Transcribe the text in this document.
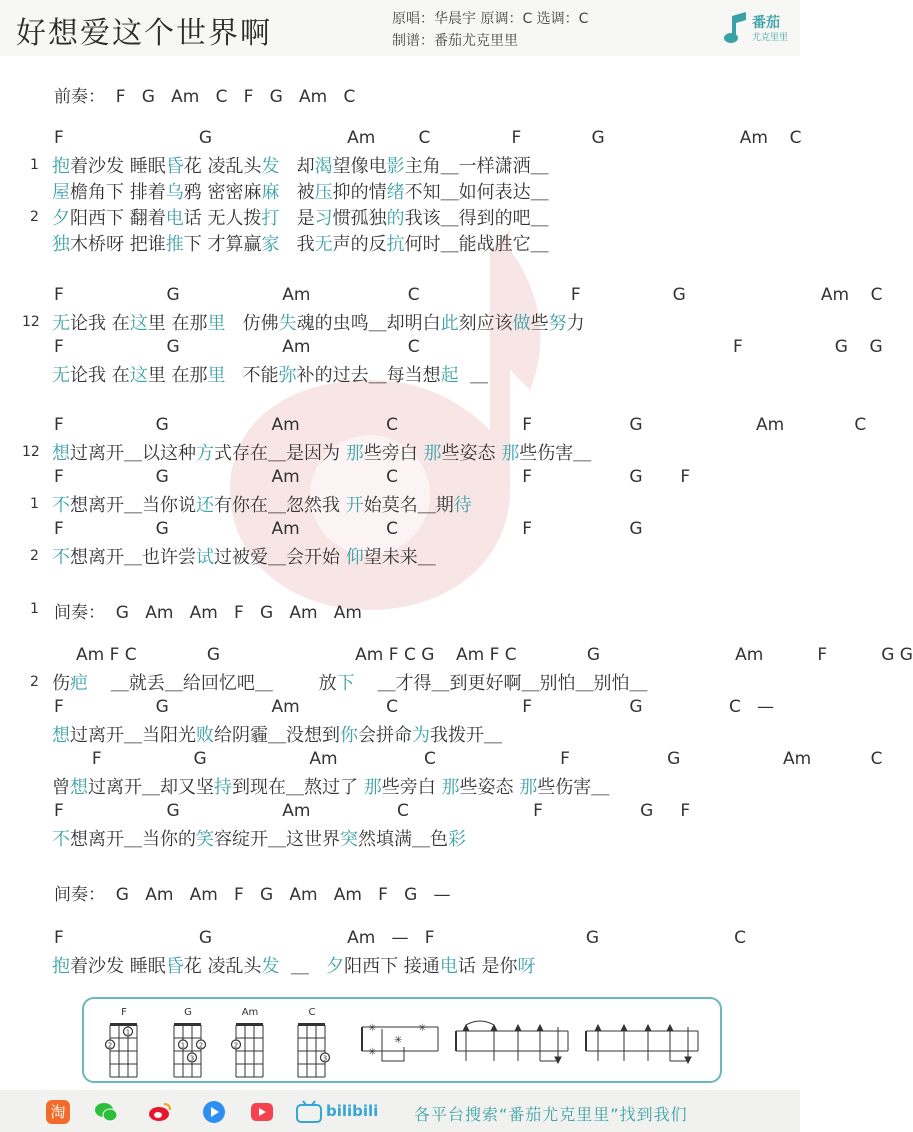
好想爱这个世界啊	原唱：华晨宇 原调：C 选调：C
制谱：番茄尤克里里
番茄
尤克里里
前奏：  F   G   Am   C   F   G   Am   C
F                         G                         Am        C               F             G                         Am    C
1 抱着沙发 睡眠昏花 凌乱头发   却渴望像电影主角＿一样潇洒＿
屋檐角下 排着乌鸦 密密麻麻   被压抑的情绪不知＿如何表达＿
2 夕阳西下 翻着电话 无人拨打   是习惯孤独的我该＿得到的吧＿
独木桥呀 把谁推下 才算赢家   我无声的反抗何时＿能战胜它＿
F                   G                   Am                  C                            F                 G                         Am    C
12 无论我 在这里 在那里   仿佛失魂的虫鸣＿却明白此刻应该做些努力
F                   G                   Am                  C                                                          F                 G    G
无论我 在这里 在那里   不能弥补的过去＿每当想起  ＿
F                 G                   Am                C                       F                  G                     Am             C
12 想过离开＿以这种方式存在＿是因为 那些旁白 那些姿态 那些伤害＿
F                 G                   Am                C                       F                  G       F
1 不想离开＿当你说还有你在＿忽然我 开始莫名＿期待
F                 G                   Am                C                       F                  G
2 不想离开＿也许尝试过被爱＿会开始 仰望未来＿
1 间奏：  G   Am   Am   F   G   Am   Am
Am F C             G                         Am F C G    Am F C             G                         Am          F          G G
2 伤疤    ＿就丢＿给回忆吧＿        放下    ＿才得＿到更好啊＿别怕＿别怕＿
F                 G                   Am                C                       F                  G                C   —
想过离开＿当阳光败给阴霾＿没想到你会拼命为我拨开＿
F                 G                   Am                C                       F                  G                   Am           C
曾想过离开＿却又坚持到现在＿熬过了 那些旁白 那些姿态 那些伤害＿
F                   G                   Am                C                       F                  G     F
不想离开＿当你的笑容绽开＿这世界突然填满＿色彩
间奏：  G   Am   Am   F   G   Am   Am   F   G   —
F                         G                         Am   —   F                            G                         C
抱着沙发 睡眠昏花 凌乱头发  ＿   夕阳西下 接通电话 是你呀
F
2
1
G
1
3
2
Am
2
C
3
✳
✳
✳
✳
淘	bilibili 各平台搜索“番茄尤克里里”找到我们
